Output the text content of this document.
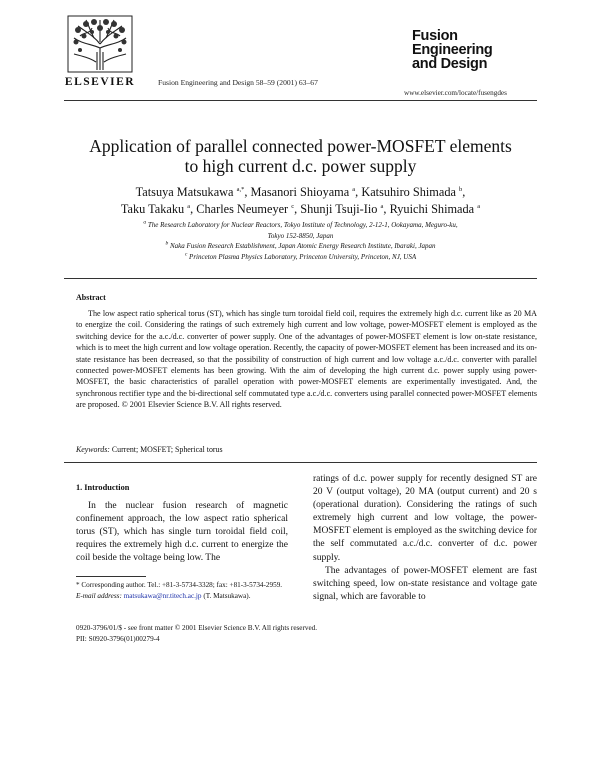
ELSEVIER	Fusion Engineering and Design 58–59 (2001) 63–67
Fusion
Engineering
and Design
www.elsevier.com/locate/fusengdes
Application of parallel connected power-MOSFET elements
to high current d.c. power supply
Tatsuya Matsukawa $^{a,*}$, Masanori Shioyama $^a$, Katsuhiro Shimada $^b$,
Taku Takaku $^a$, Charles Neumeyer $^c$, Shunji Tsuji-Iio $^a$, Ryuichi Shimada $^a$
$^a$ The Research Laboratory for Nuclear Reactors, Tokyo Institute of Technology, 2-12-1, Ookayama, Meguro-ku,
Tokyo 152-8850, Japan
$^b$ Naka Fusion Research Establishment, Japan Atomic Energy Research Institute, Ibaraki, Japan
$^c$ Princeton Plasma Physics Laboratory, Princeton University, Princeton, NJ, USA
Abstract
The low aspect ratio spherical torus (ST), which has single turn toroidal field coil, requires the extremely high d.c. current like as 20 MA to energize the coil. Considering the ratings of such extremely high current and low voltage, power-MOSFET element is employed as the switching device for the a.c./d.c. converter of power supply. One of the advantages of power-MOSFET element is low on-state resistance, which is to meet the high current and low voltage operation. Recently, the capacity of power-MOSFET element has been increased and its on-state resistance has been decreased, so that the possibility of construction of high current and low voltage a.c./d.c. converter with parallel connected power-MOSFET elements has been growing. With the aim of developing the high current d.c. power supply using power-MOSFET, the basic characteristics of parallel operation with power-MOSFET elements are experimentally investigated. And, the synchronous rectifier type and the bi-directional self commutated type a.c./d.c. converters using parallel connected power-MOSFET elements are proposed. © 2001 Elsevier Science B.V. All rights reserved.
Keywords: Current; MOSFET; Spherical torus
1. Introduction
In the nuclear fusion research of magnetic confinement approach, the low aspect ratio spherical torus (ST), which has single turn toroidal field coil, requires the extremely high d.c. current to energize the coil beside the voltage being low. The

ratings of d.c. power supply for recently designed ST are 20 V (output voltage), 20 MA (output current) and 20 s (operational duration). Considering the ratings of such extremely high current and low voltage, the power-MOSFET element is employed as the switching device for the self commutated a.c./d.c. converter of d.c. power supply.

The advantages of power-MOSFET element are fast switching speed, low on-state resistance and voltage gate signal, which are favorable to

* Corresponding author. Tel.: +81-3-5734-3328; fax: +81-3-5734-2959.
E-mail address: matsukawa@nr.titech.ac.jp (T. Matsukawa).
0920-3796/01/$ - see front matter © 2001 Elsevier Science B.V. All rights reserved.
PII: S0920-3796(01)00279-4
